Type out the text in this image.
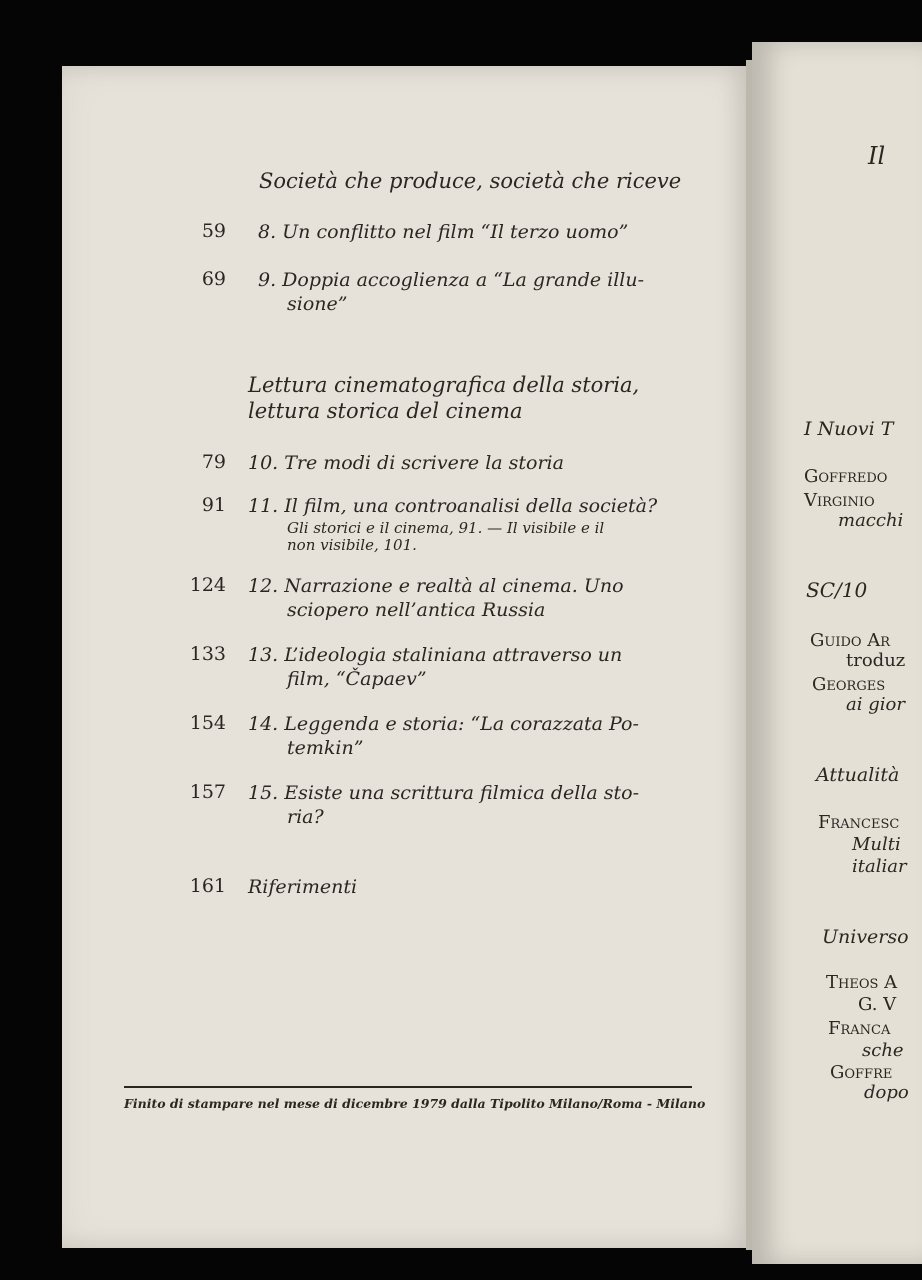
Società che produce, società che riceve
59 8. Un conflitto nel film “Il terzo uomo”
69 9. Doppia accoglienza a “La grande illu-
sione”
Lettura cinematografica della storia,
lettura storica del cinema
79 10. Tre modi di scrivere la storia
91 11. Il film, una controanalisi della società?
Gli storici e il cinema, 91. — Il visibile e il
non visibile, 101.
124 12. Narrazione e realtà al cinema. Uno
sciopero nell’antica Russia
133 13. L’ideologia staliniana attraverso un
film, “Čapaev”
154 14. Leggenda e storia: “La corazzata Po-
temkin”
157 15. Esiste una scrittura filmica della sto-
ria?
161 Riferimenti
Finito di stampare nel mese di dicembre 1979 dalla Tipolito Milano/Roma - Milano
Il
I Nuovi T
Goffredo
Virginio
macchi
SC/10
Guido Ar
troduz
Georges
ai gior
Attualità
Francesc
Multi
italiar
Universo
Theos A
G. V
Franca
sche
Goffre
dopo
